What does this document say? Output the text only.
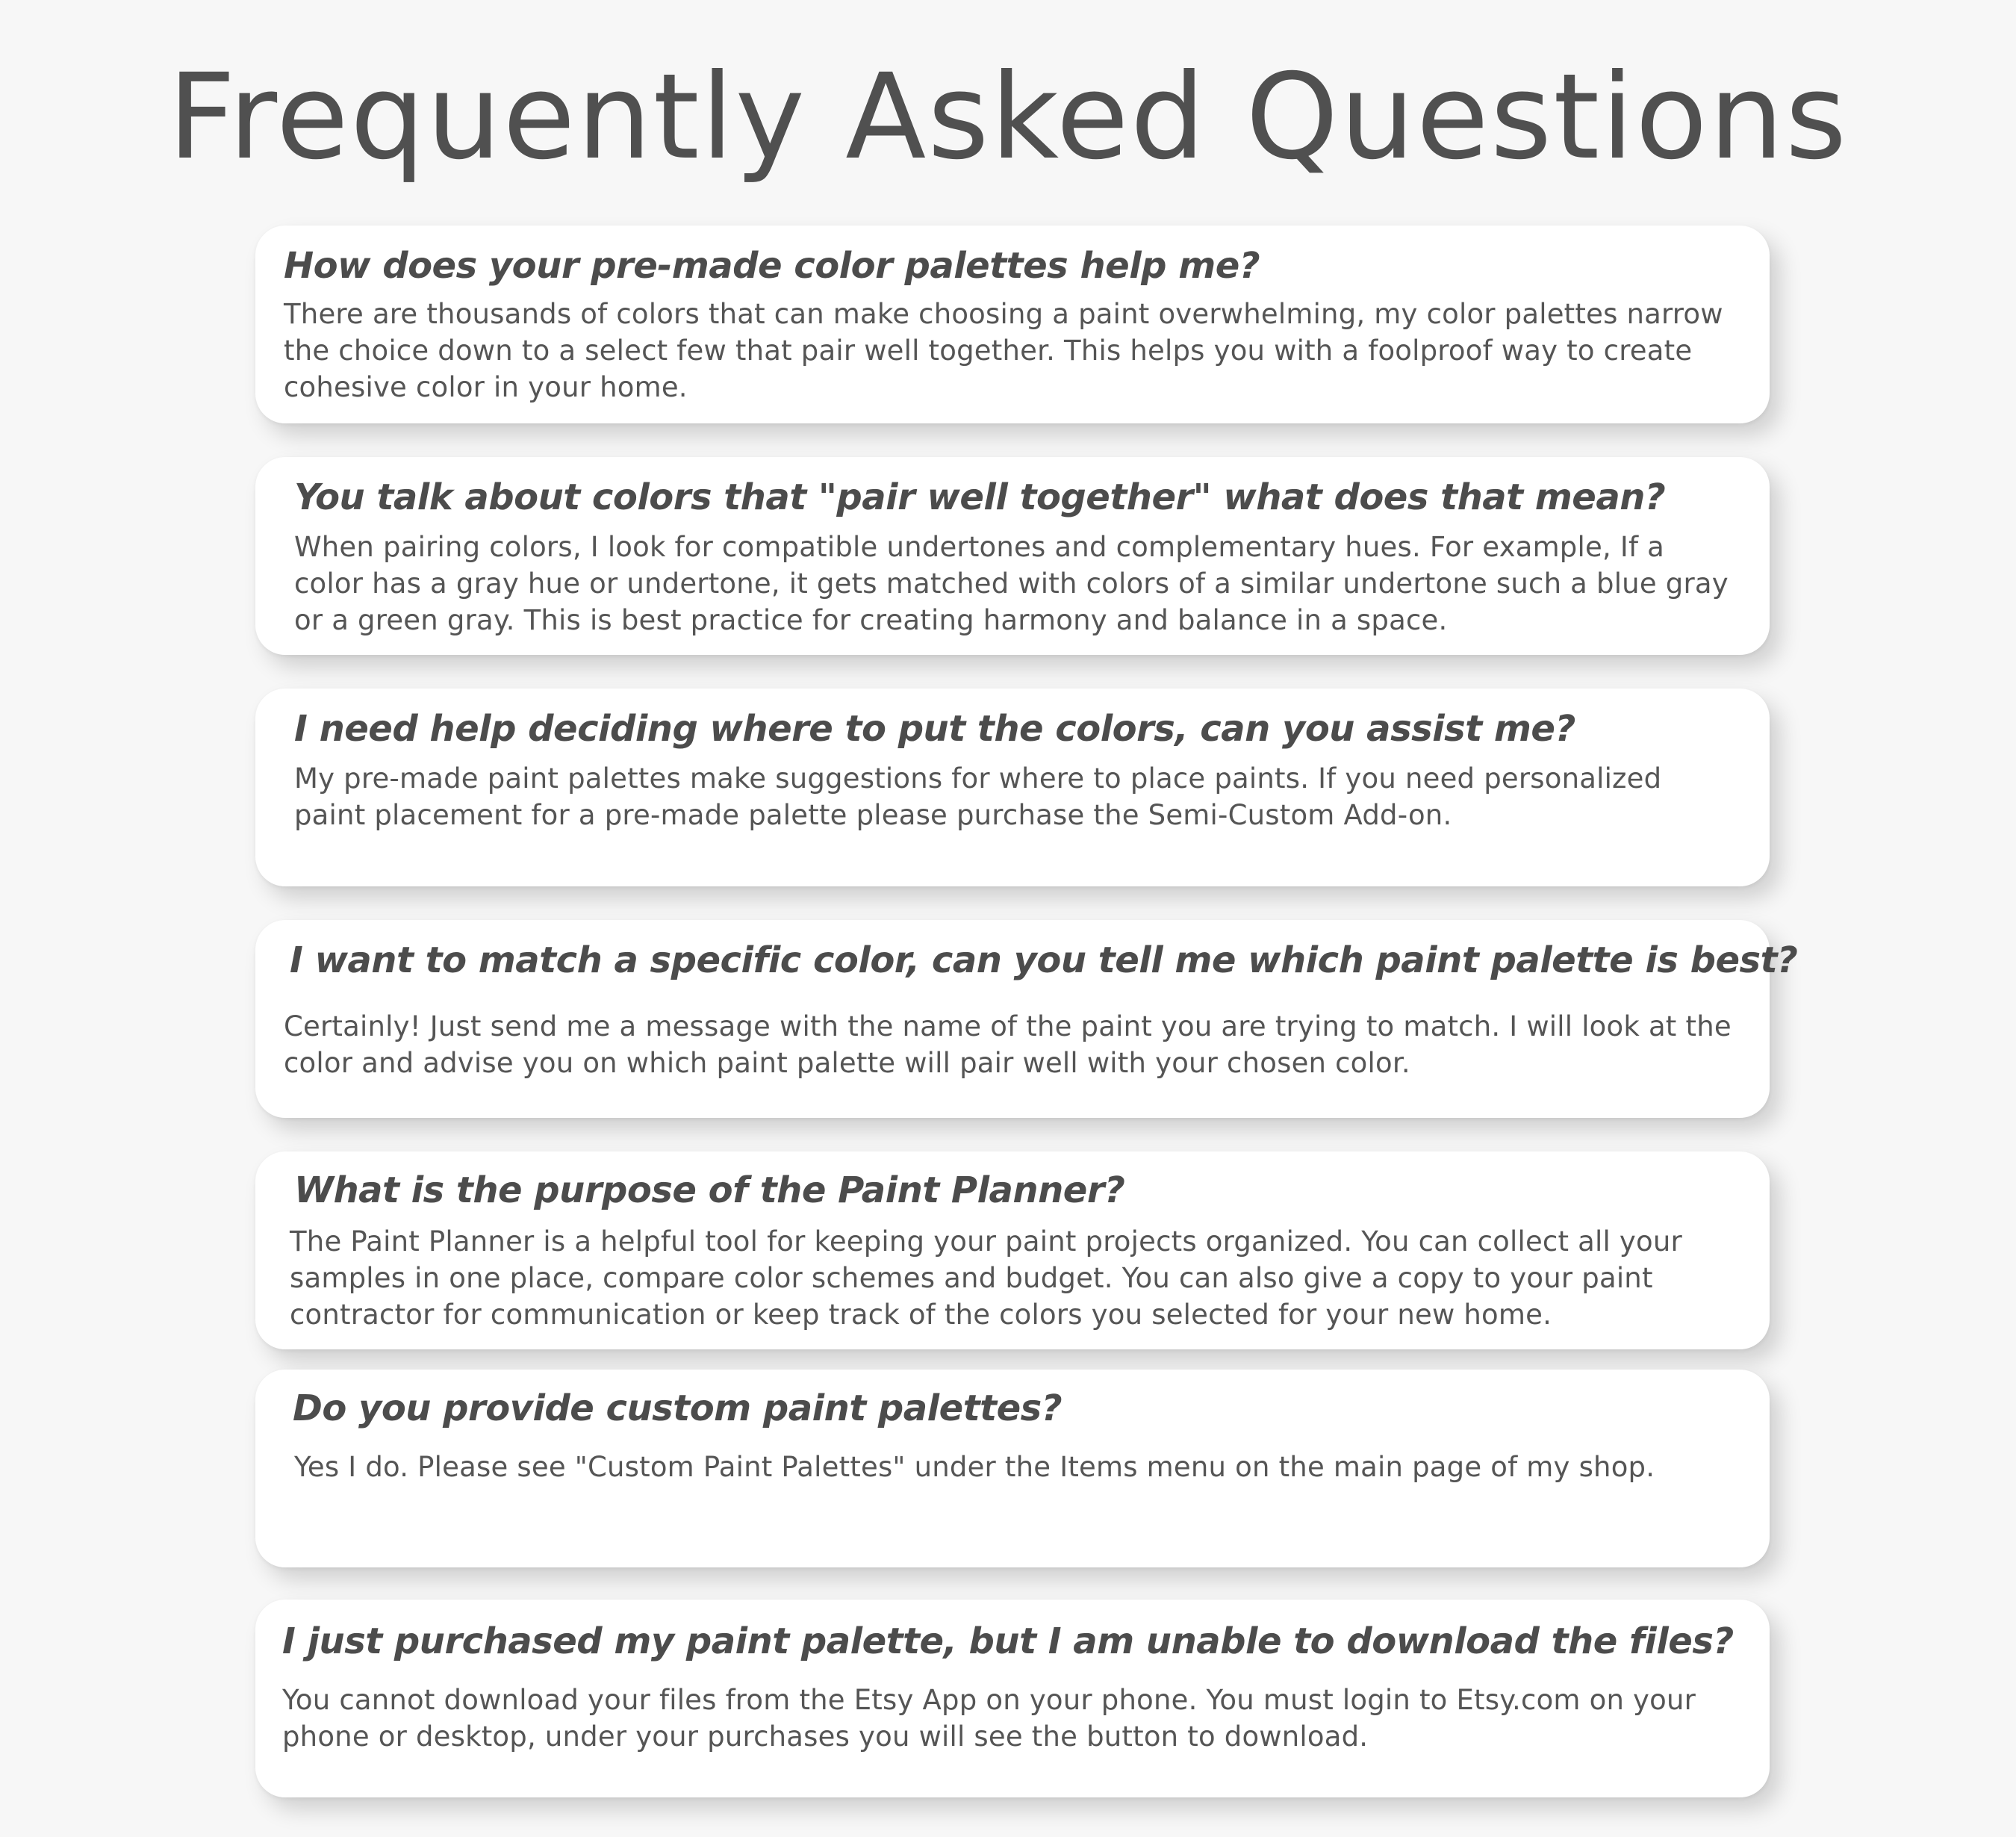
Frequently Asked Questions
How does your pre-made color palettes help me?

There are thousands of colors that can make choosing a paint overwhelming, my color palettes narrow the choice down to a select few that pair well together. This helps you with a foolproof way to create cohesive color in your home.

You talk about colors that "pair well together" what does that mean?

When pairing colors, I look for compatible undertones and complementary hues. For example, If a color has a gray hue or undertone, it gets matched with colors of a similar undertone such a blue gray or a green gray. This is best practice for creating harmony and balance in a space.

I need help deciding where to put the colors, can you assist me?

My pre-made paint palettes make suggestions for where to place paints. If you need personalized paint placement for a pre-made palette please purchase the Semi-Custom Add-on.

I want to match a specific color, can you tell me which paint palette is best?

Certainly! Just send me a message with the name of the paint you are trying to match. I will look at the color and advise you on which paint palette will pair well with your chosen color.

What is the purpose of the Paint Planner?

The Paint Planner is a helpful tool for keeping your paint projects organized. You can collect all your samples in one place, compare color schemes and budget. You can also give a copy to your paint contractor for communication or keep track of the colors you selected for your new home.

Do you provide custom paint palettes?

Yes I do. Please see "Custom Paint Palettes" under the Items menu on the main page of my shop.

I just purchased my paint palette, but I am unable to download the files?

You cannot download your files from the Etsy App on your phone. You must login to Etsy.com on your phone or desktop, under your purchases you will see the button to download.
